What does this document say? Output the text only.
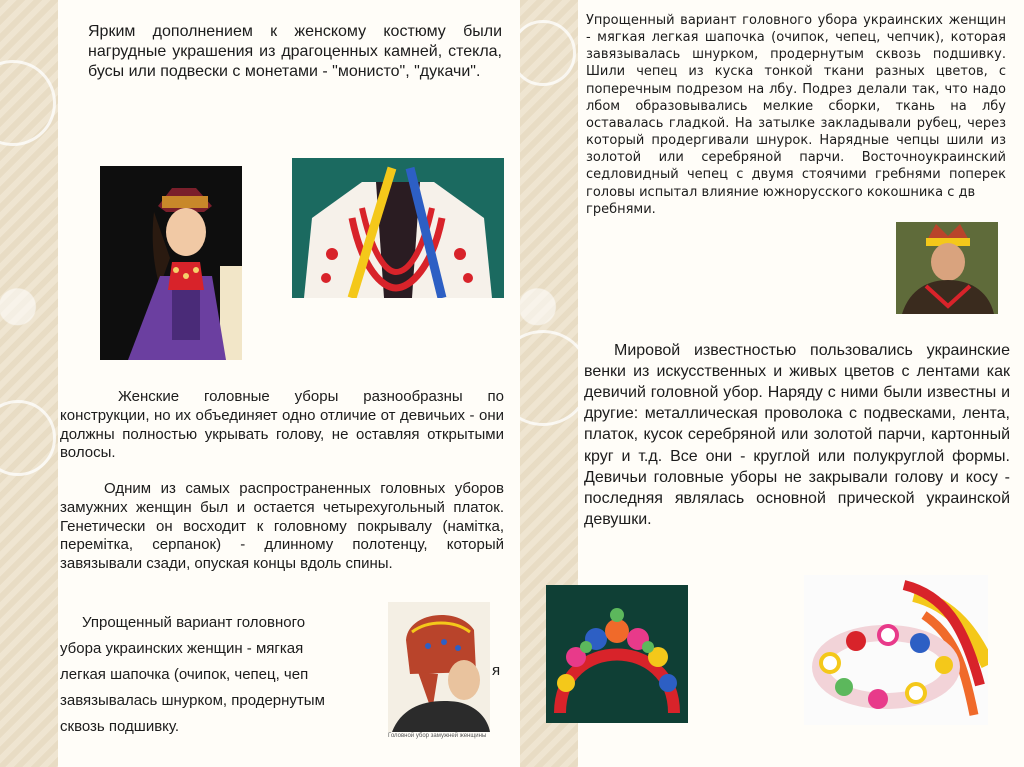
Ярким дополнением к женскому костюму были нагрудные украшения из драгоценных камней, стекла, бусы или подвески с монетами - "монисто", "дукачи".
Женские головные уборы разнообразны по конструкции, но их объединяет одно отличие от девичьих - они должны полностью укрывать голову, не оставляя открытыми волосы.
Одним из самых распространенных головных уборов замужних женщин был и остается четырехугольный платок. Генетически он восходит к головному покрывалу (намітка, перемітка, серпанок) - длинному полотенцу, который завязывали сзади, опуская концы вдоль спины.
Упрощенный вариант головного
убора украинских женщин - мягкая
легкая шапочка (очипок, чепец, чеп
завязывалась шнурком, продернутым
сквозь подшивку.
я
Головной убор замужней женщины
Упрощенный вариант головного убора украинских женщин - мягкая легкая шапочка (очипок, чепец, чепчик), которая завязывалась шнурком, продернутым сквозь подшивку. Шили чепец из куска тонкой ткани разных цветов, с поперечным подрезом на лбу. Подрез делали так, что надо лбом образовывались мелкие сборки, ткань на лбу оставалась гладкой. На затылке закладывали рубец, через который продергивали шнурок. Нарядные чепцы шили из золотой или серебряной парчи. Восточноукраинский седловидный чепец с двумя стоячими гребнями поперек головы испытал влияние южнорусского кокошника с дв
гребнями.
Мировой известностью пользовались украинские венки из искусственных и живых цветов с лентами как девичий головной убор. Наряду с ними были известны и другие: металлическая проволока с подвесками, лента, платок, кусок серебряной или золотой парчи, картонный круг и т.д. Все они - круглой или полукруглой формы. Девичьи головные уборы не закрывали голову и косу - последняя являлась основной прической украинской девушки.
